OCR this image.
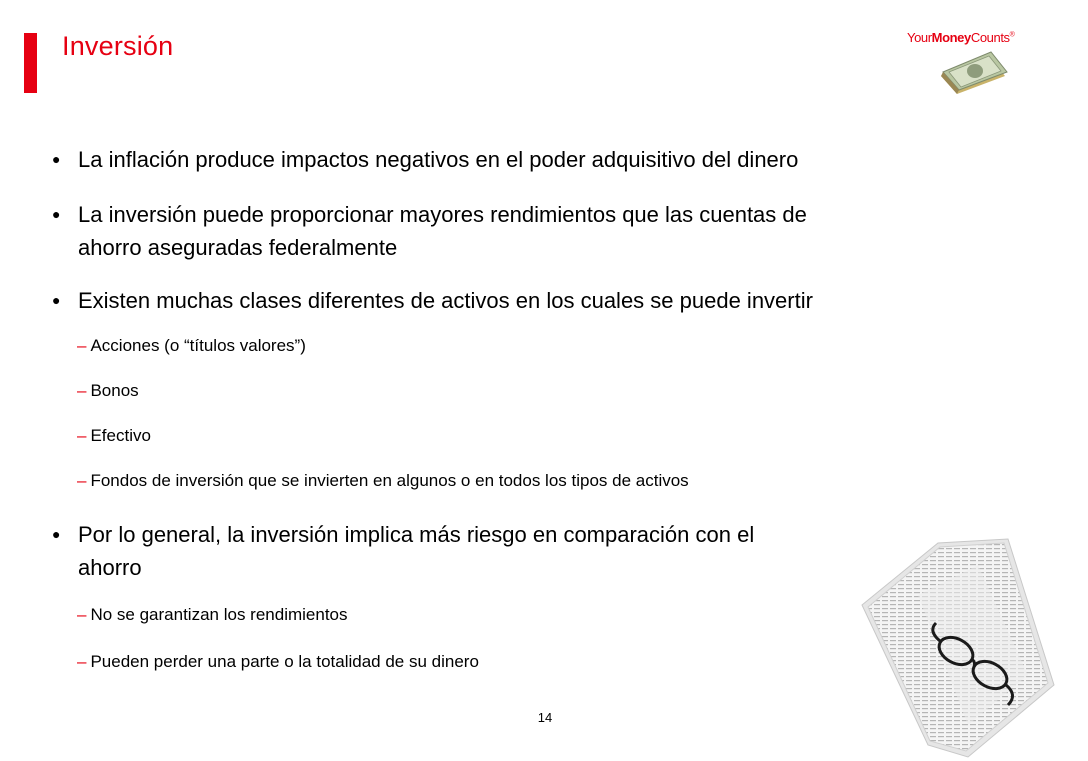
Inversión	YourMoneyCounts®
● La inflación produce impactos negativos en el poder adquisitivo del dinero
● La inversión puede proporcionar mayores rendimientos que las cuentas de
ahorro aseguradas federalmente
● Existen muchas clases diferentes de activos en los cuales se puede invertir
– Acciones (o “títulos valores”)
– Bonos
– Efectivo
– Fondos de inversión que se invierten en algunos o en todos los tipos de activos
● Por lo general, la inversión implica más riesgo en comparación con el
ahorro
– No se garantizan los rendimientos
– Pueden perder una parte o la totalidad de su dinero
14
